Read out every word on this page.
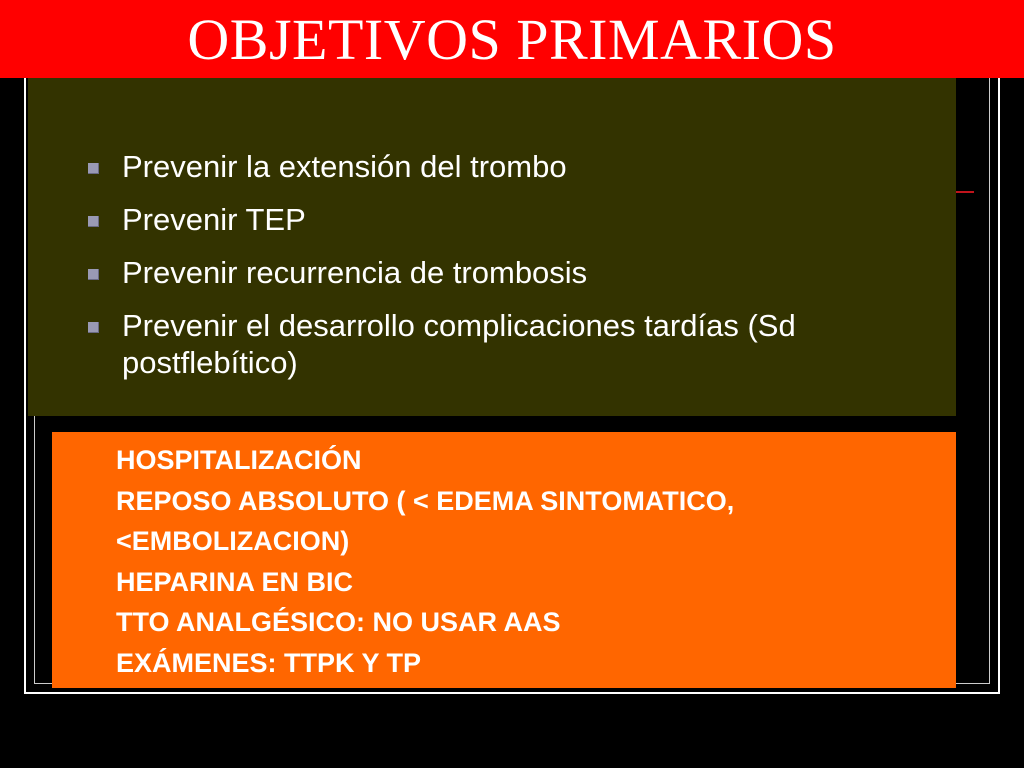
OBJETIVOS PRIMARIOS
Prevenir la extensión del trombo
Prevenir TEP
Prevenir recurrencia de trombosis
Prevenir el desarrollo complicaciones tardías (Sd postflebítico)
HOSPITALIZACIÓN
REPOSO ABSOLUTO ( < EDEMA SINTOMATICO,
<EMBOLIZACION)
HEPARINA EN BIC
TTO ANALGÉSICO: NO USAR AAS
EXÁMENES: TTPK Y TP
